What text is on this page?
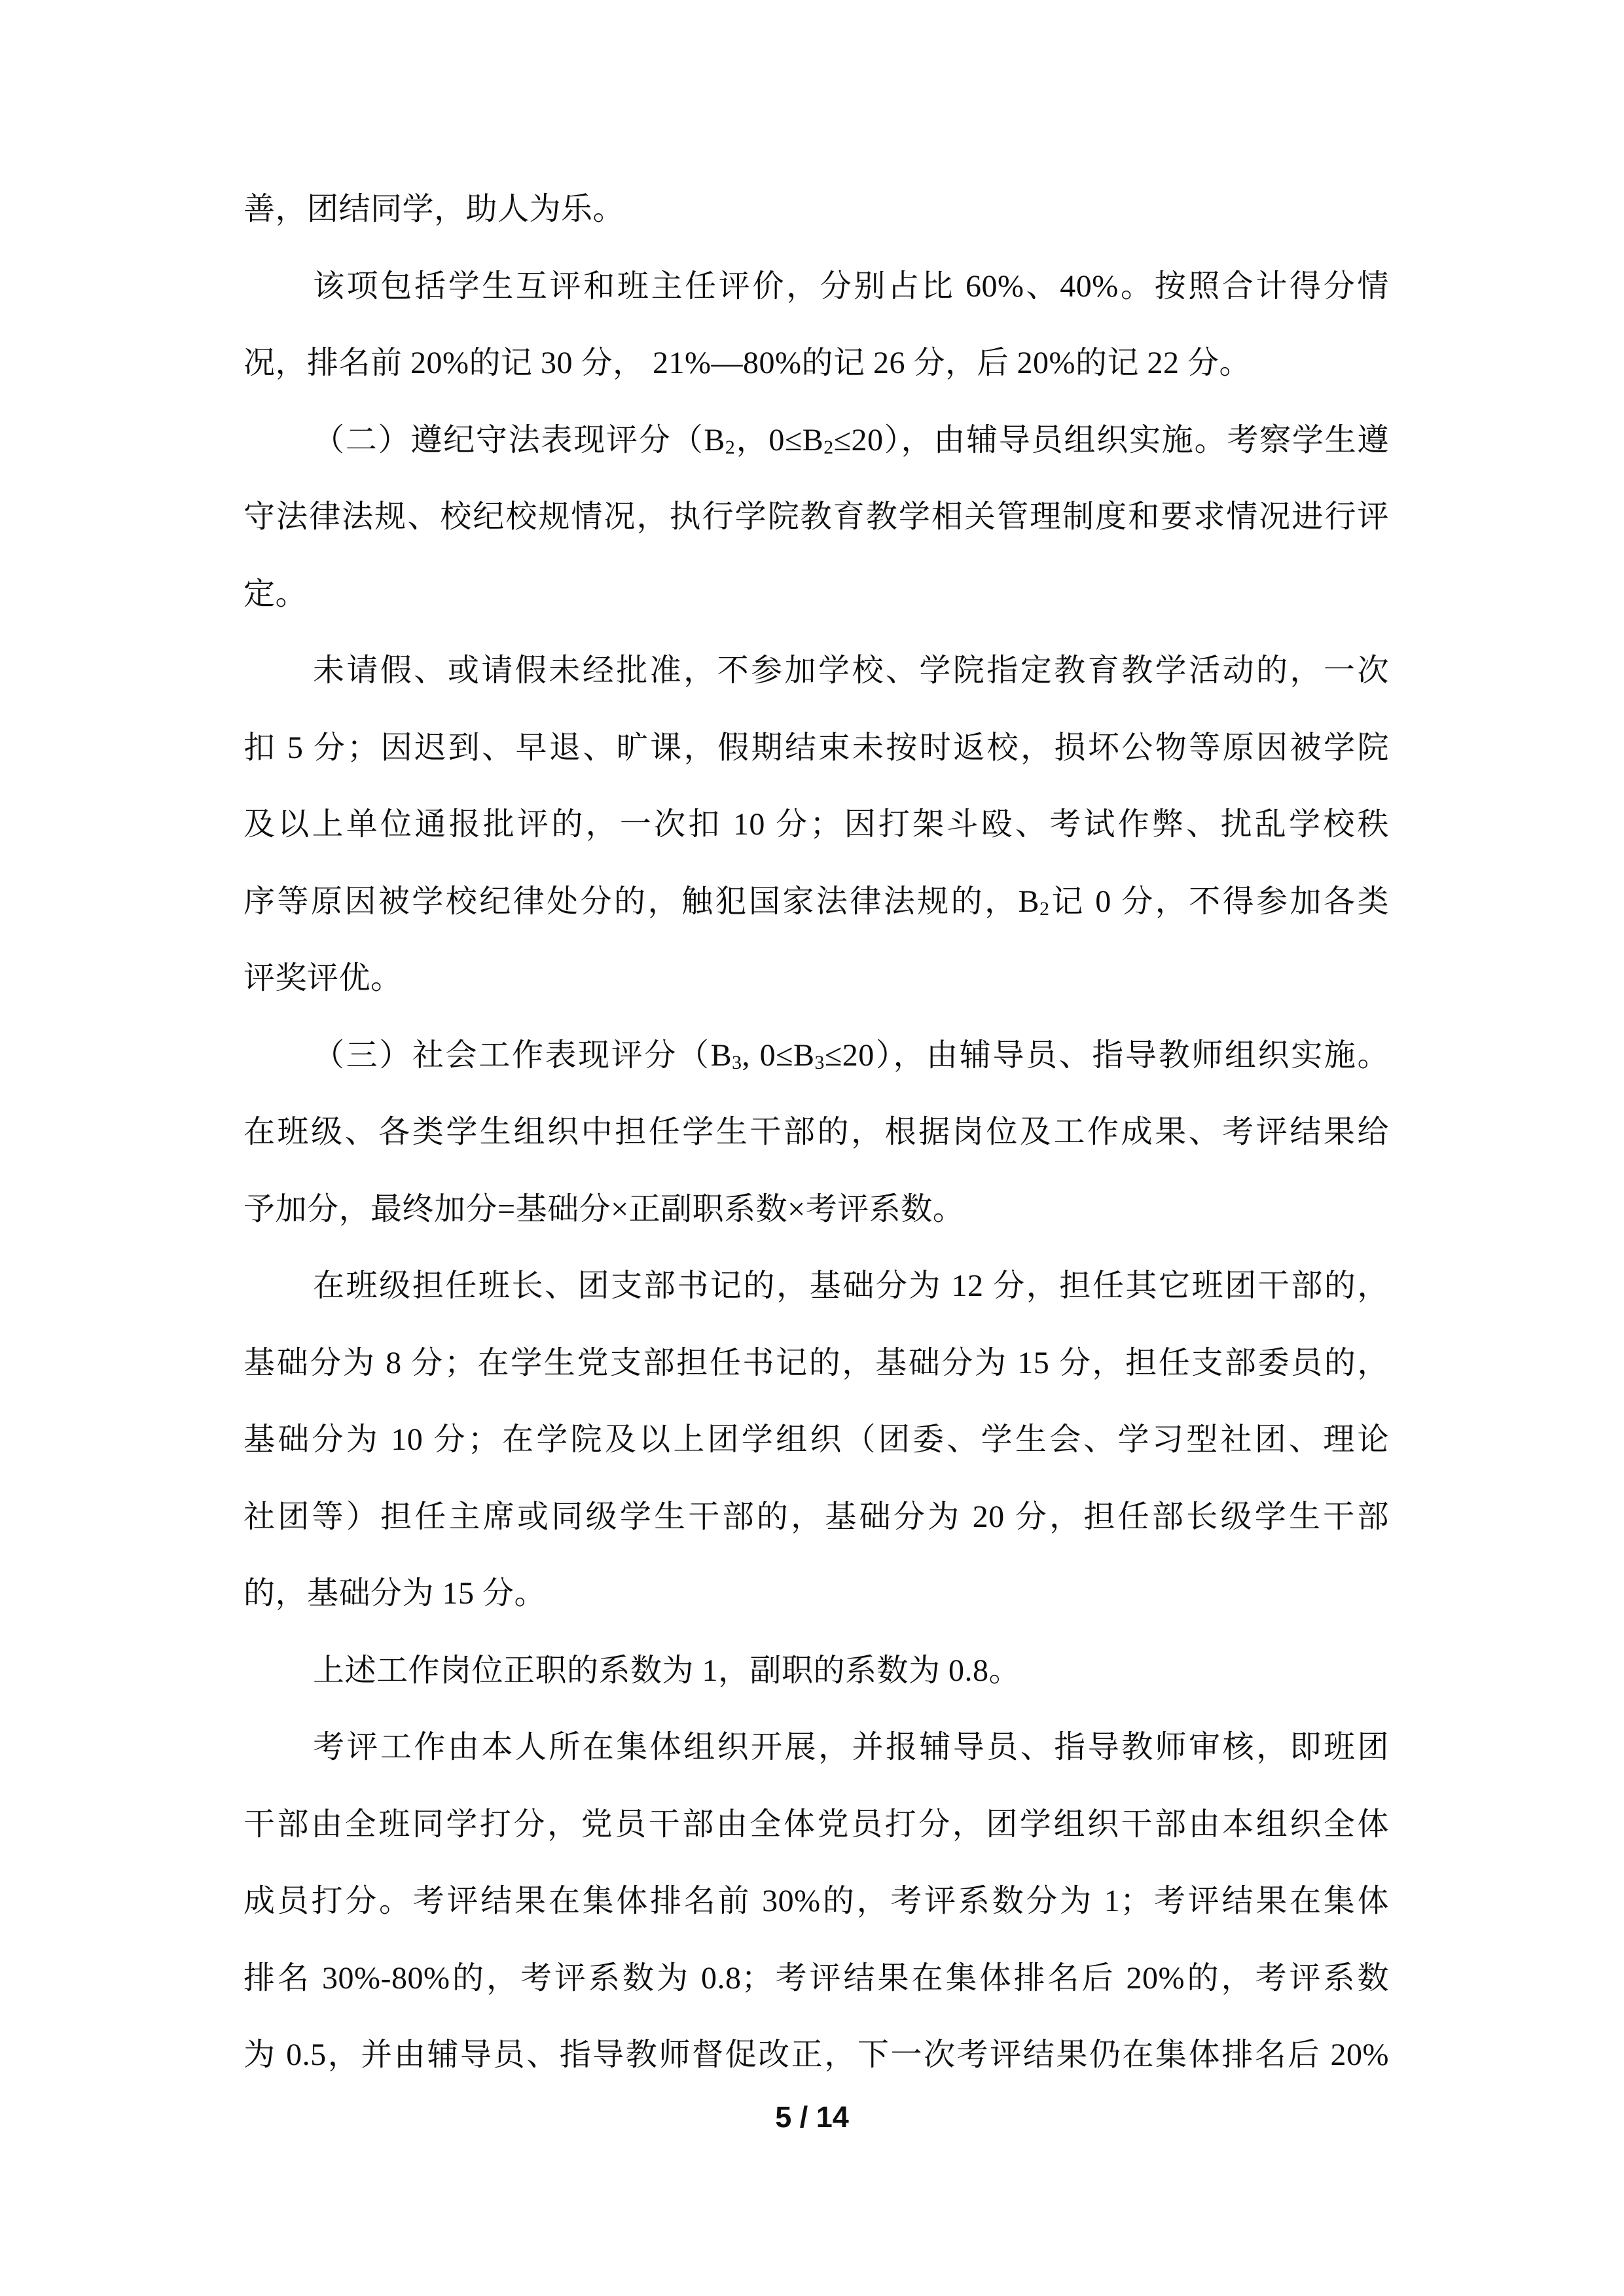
善，团结同学，助人为乐。
该项包括学生互评和班主任评价，分别占比 60%、40%。按照合计得分情
况，排名前 20%的记 30 分， 21%—80%的记 26 分，后 20%的记 22 分。
（二）遵纪守法表现评分（B2，0≤B2≤20），由辅导员组织实施。考察学生遵
守法律法规、校纪校规情况，执行学院教育教学相关管理制度和要求情况进行评
定。
未请假、或请假未经批准，不参加学校、学院指定教育教学活动的，一次
扣 5 分；因迟到、早退、旷课，假期结束未按时返校，损坏公物等原因被学院
及以上单位通报批评的，一次扣 10 分；因打架斗殴、考试作弊、扰乱学校秩
序等原因被学校纪律处分的，触犯国家法律法规的，B2记 0 分，不得参加各类
评奖评优。
（三）社会工作表现评分（B3, 0≤B3≤20），由辅导员、指导教师组织实施。
在班级、各类学生组织中担任学生干部的，根据岗位及工作成果、考评结果给
予加分，最终加分=基础分×正副职系数×考评系数。
在班级担任班长、团支部书记的，基础分为 12 分，担任其它班团干部的，
基础分为 8 分；在学生党支部担任书记的，基础分为 15 分，担任支部委员的，
基础分为 10 分；在学院及以上团学组织（团委、学生会、学习型社团、理论
社团等）担任主席或同级学生干部的，基础分为 20 分，担任部长级学生干部
的，基础分为 15 分。
上述工作岗位正职的系数为 1，副职的系数为 0.8。
考评工作由本人所在集体组织开展，并报辅导员、指导教师审核，即班团
干部由全班同学打分，党员干部由全体党员打分，团学组织干部由本组织全体
成员打分。考评结果在集体排名前 30%的，考评系数分为 1；考评结果在集体
排名 30%-80%的，考评系数为 0.8；考评结果在集体排名后 20%的，考评系数
为 0.5，并由辅导员、指导教师督促改正，下一次考评结果仍在集体排名后 20%
5 / 14
